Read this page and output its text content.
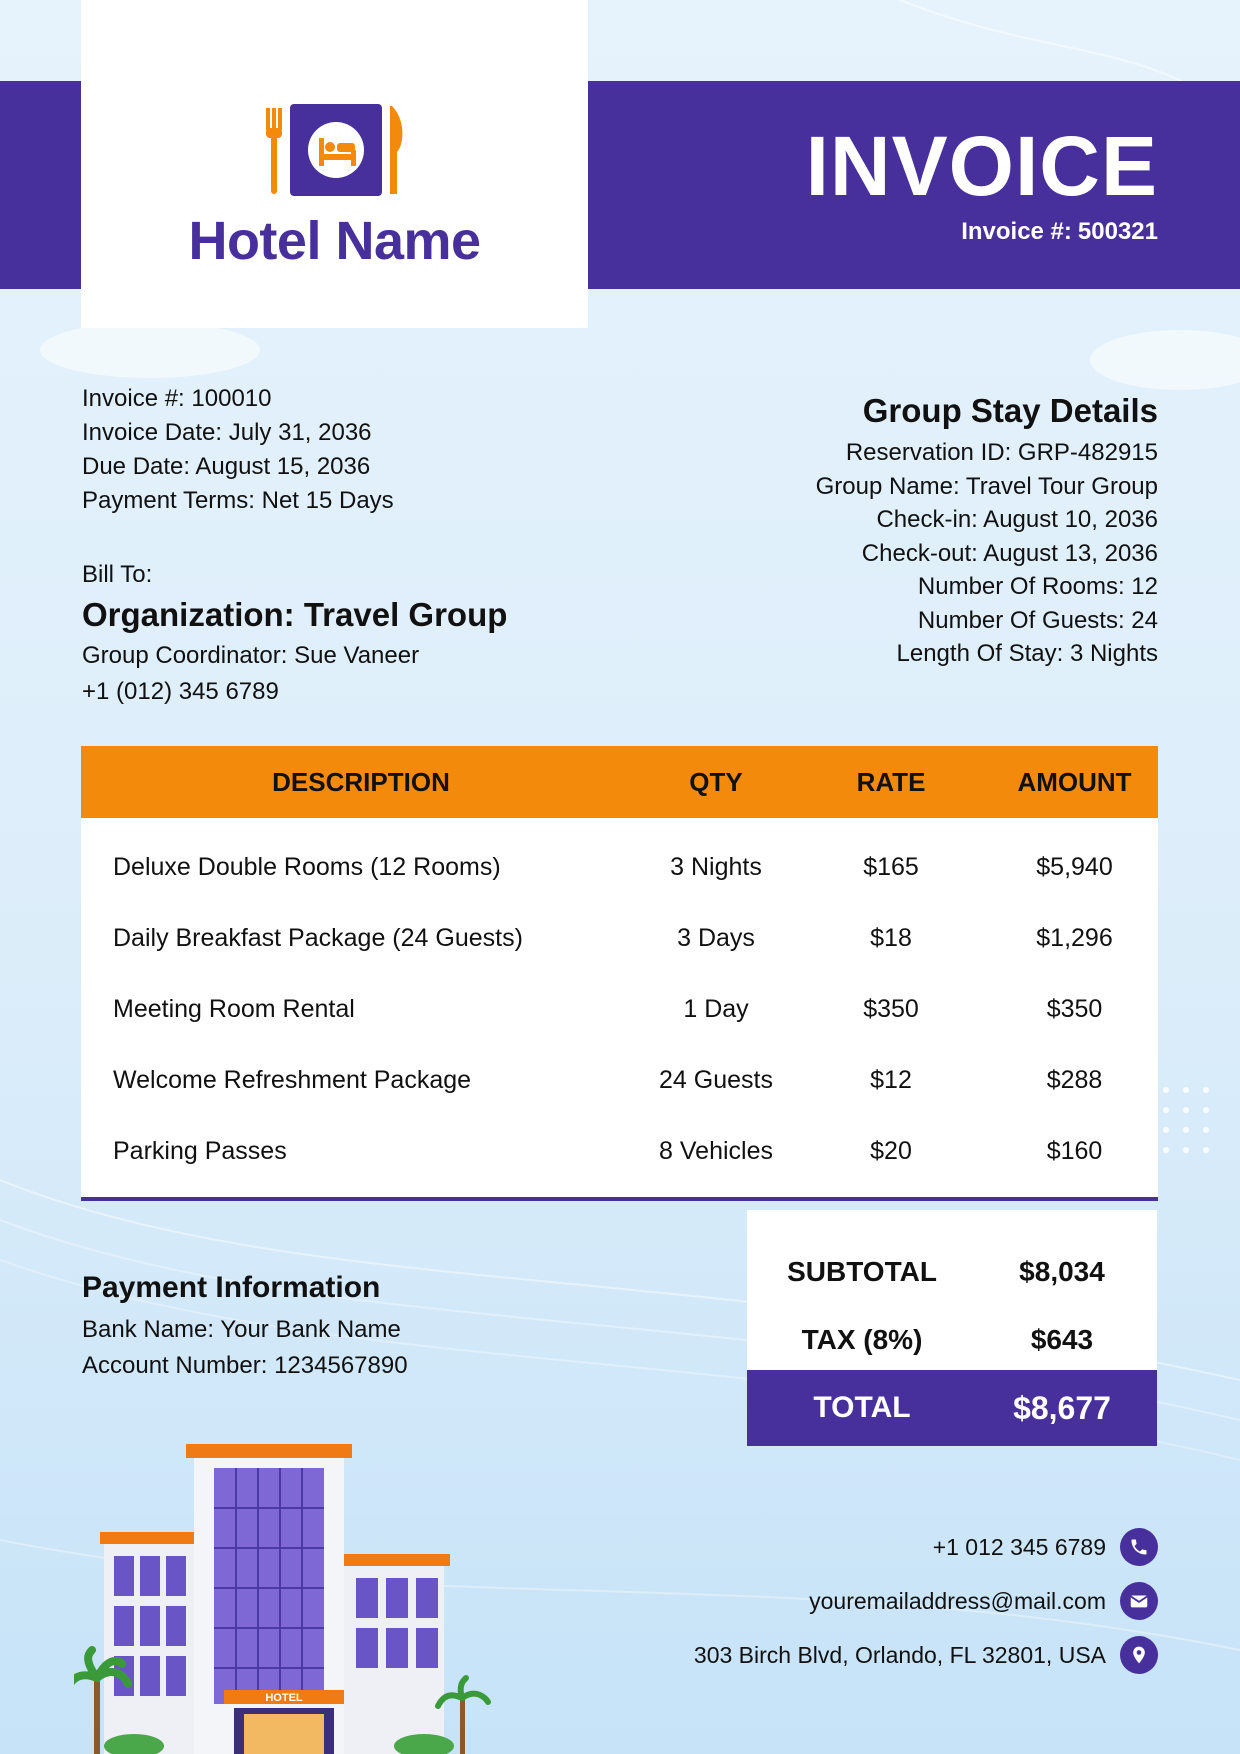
Hotel Name
INVOICE
Invoice #: 500321
Invoice #: 100010
Invoice Date: July 31, 2036
Due Date: August 15, 2036
Payment Terms: Net 15 Days
Bill To:
Organization: Travel Group
Group Coordinator: Sue Vaneer
+1 (012) 345 6789
Group Stay Details
Reservation ID: GRP-482915
Group Name: Travel Tour Group
Check-in: August 10, 2036
Check-out: August 13, 2036
Number Of Rooms: 12
Number Of Guests: 24
Length Of Stay: 3 Nights
DESCRIPTION	QTY	RATE	AMOUNT
Deluxe Double Rooms (12 Rooms)	3 Nights	$165	$5,940
Daily Breakfast Package (24 Guests)	3 Days	$18	$1,296
Meeting Room Rental	1 Day	$350	$350
Welcome Refreshment Package	24 Guests	$12	$288
Parking Passes	8 Vehicles	$20	$160
SUBTOTAL	$8,034
TAX (8%)	$643
TOTAL	$8,677
Payment Information
Bank Name: Your Bank Name
Account Number: 1234567890
+1 012 345 6789
youremailaddress@mail.com
303 Birch Blvd, Orlando, FL 32801, USA
HOTEL
